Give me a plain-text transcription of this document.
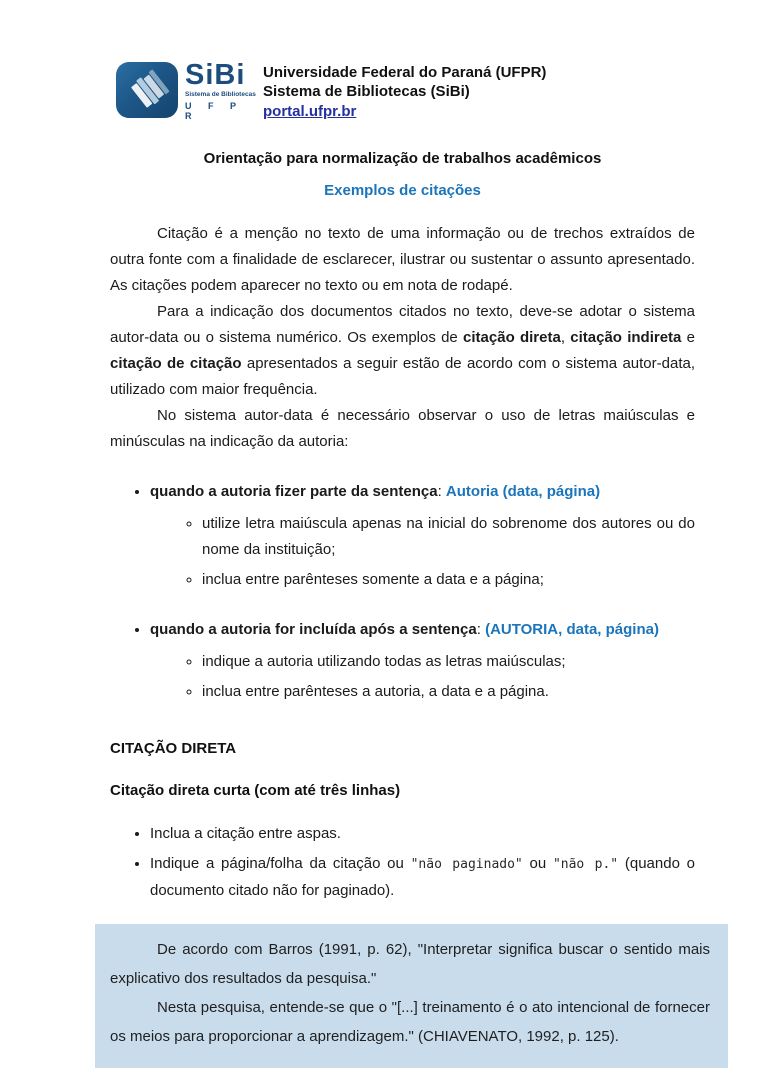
SiBi
Sistema de Bibliotecas
U F P R
Universidade Federal do Paraná (UFPR)
Sistema de Bibliotecas (SiBi)
portal.ufpr.br
Orientação para normalização de trabalhos acadêmicos
Exemplos de citações

Citação é a menção no texto de uma informação ou de trechos extraídos de outra fonte com a finalidade de esclarecer, ilustrar ou sustentar o assunto apresentado. As citações podem aparecer no texto ou em nota de rodapé.

Para a indicação dos documentos citados no texto, deve-se adotar o sistema autor-data ou o sistema numérico. Os exemplos de citação direta, citação indireta e citação de citação apresentados a seguir estão de acordo com o sistema autor-data, utilizado com maior frequência.

No sistema autor-data é necessário observar o uso de letras maiúsculas e minúsculas na indicação da autoria:

• quando a autoria fizer parte da sentença: Autoria (data, página)
◦ utilize letra maiúscula apenas na inicial do sobrenome dos autores ou do nome da instituição;
◦ inclua entre parênteses somente a data e a página;
• quando a autoria for incluída após a sentença: (AUTORIA, data, página)
◦ indique a autoria utilizando todas as letras maiúsculas;
◦ inclua entre parênteses a autoria, a data e a página.
CITAÇÃO DIRETA
Citação direta curta (com até três linhas)
• Inclua a citação entre aspas.
• Indique a página/folha da citação ou "não paginado" ou "não p." (quando o documento citado não for paginado).

De acordo com Barros (1991, p. 62), "Interpretar significa buscar o sentido mais explicativo dos resultados da pesquisa."

Nesta pesquisa, entende-se que o "[...] treinamento é o ato intencional de fornecer os meios para proporcionar a aprendizagem." (CHIAVENATO, 1992, p. 125).
